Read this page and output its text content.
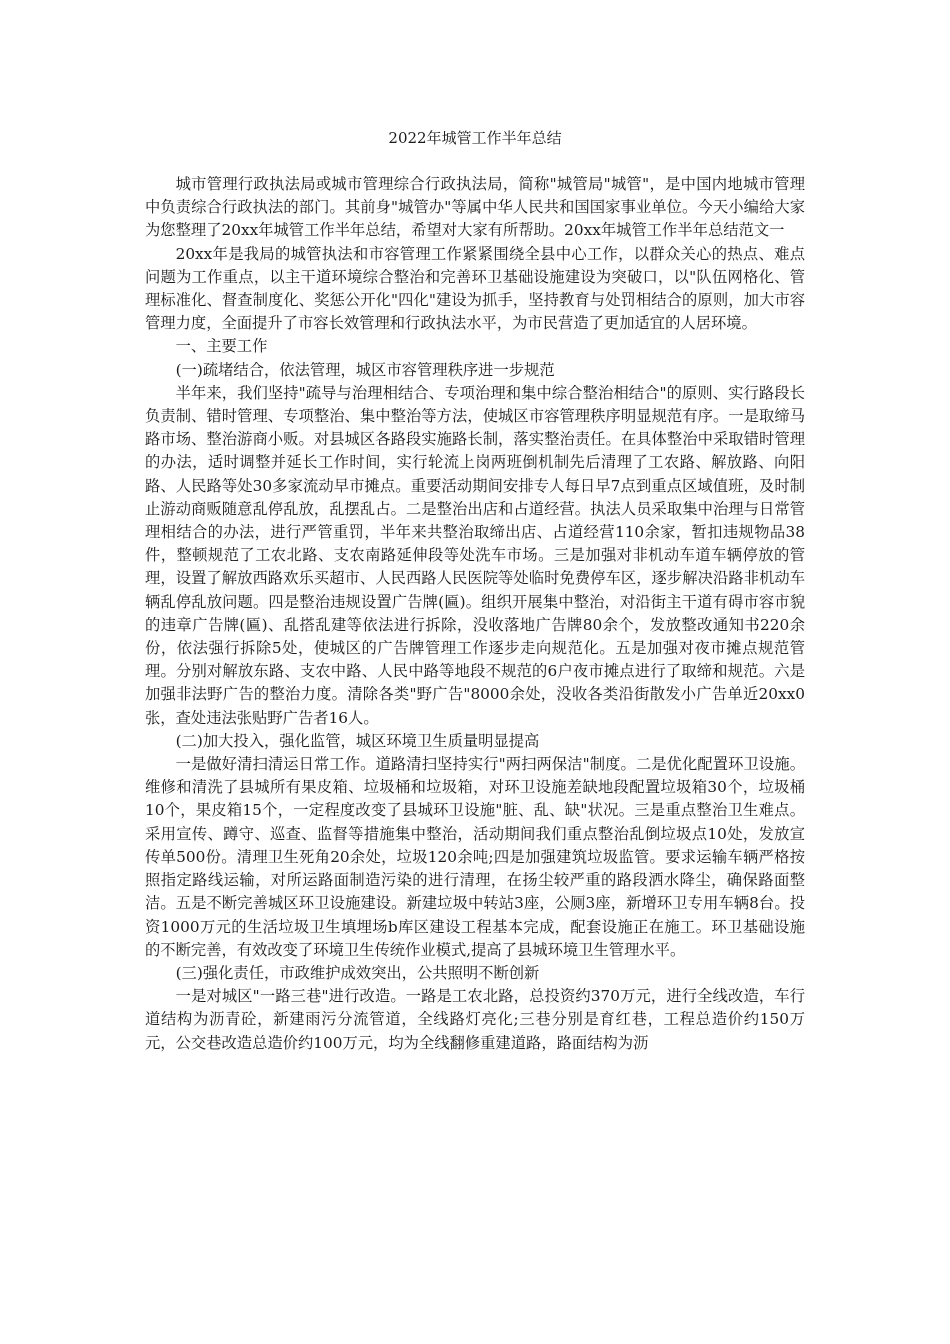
2022年城管工作半年总结

城市管理行政执法局或城市管理综合行政执法局，简称"城管局"城管"，是中国内地城市管理中负责综合行政执法的部门。其前身"城管办"等属中华人民共和国国家事业单位。今天小编给大家为您整理了20xx年城管工作半年总结，希望对大家有所帮助。20xx年城管工作半年总结范文一

20xx年是我局的城管执法和市容管理工作紧紧围绕全县中心工作，以群众关心的热点、难点问题为工作重点，以主干道环境综合整治和完善环卫基础设施建设为突破口，以"队伍网格化、管理标准化、督查制度化、奖惩公开化"四化"建设为抓手，坚持教育与处罚相结合的原则，加大市容管理力度，全面提升了市容长效管理和行政执法水平，为市民营造了更加适宜的人居环境。

一、主要工作

(一)疏堵结合，依法管理，城区市容管理秩序进一步规范

半年来，我们坚持"疏导与治理相结合、专项治理和集中综合整治相结合"的原则、实行路段长负责制、错时管理、专项整治、集中整治等方法，使城区市容管理秩序明显规范有序。一是取缔马路市场、整治游商小贩。对县城区各路段实施路长制，落实整治责任。在具体整治中采取错时管理的办法，适时调整并延长工作时间，实行轮流上岗两班倒机制先后清理了工农路、解放路、向阳路、人民路等处30多家流动早市摊点。重要活动期间安排专人每日早7点到重点区域值班，及时制止游动商贩随意乱停乱放，乱摆乱占。二是整治出店和占道经营。执法人员采取集中治理与日常管理相结合的办法，进行严管重罚，半年来共整治取缔出店、占道经营110余家，暂扣违规物品38件，整顿规范了工农北路、支农南路延伸段等处洗车市场。三是加强对非机动车道车辆停放的管理，设置了解放西路欢乐买超市、人民西路人民医院等处临时免费停车区，逐步解决沿路非机动车辆乱停乱放问题。四是整治违规设置广告牌(匾)。组织开展集中整治，对沿街主干道有碍市容市貌的违章广告牌(匾)、乱搭乱建等依法进行拆除，没收落地广告牌80余个，发放整改通知书220余份，依法强行拆除5处，使城区的广告牌管理工作逐步走向规范化。五是加强对夜市摊点规范管理。分别对解放东路、支农中路、人民中路等地段不规范的6户夜市摊点进行了取缔和规范。六是加强非法野广告的整治力度。清除各类"野广告"8000余处，没收各类沿街散发小广告单近20xx0张，查处违法张贴野广告者16人。

(二)加大投入，强化监管，城区环境卫生质量明显提高

一是做好清扫清运日常工作。道路清扫坚持实行"两扫两保洁"制度。二是优化配置环卫设施。维修和清洗了县城所有果皮箱、垃圾桶和垃圾箱，对环卫设施差缺地段配置垃圾箱30个，垃圾桶10个，果皮箱15个，一定程度改变了县城环卫设施"脏、乱、缺"状况。三是重点整治卫生难点。采用宣传、蹲守、巡查、监督等措施集中整治，活动期间我们重点整治乱倒垃圾点10处，发放宣传单500份。清理卫生死角20余处，垃圾120余吨;四是加强建筑垃圾监管。要求运输车辆严格按照指定路线运输，对所运路面制造污染的进行清理，在扬尘较严重的路段洒水降尘，确保路面整洁。五是不断完善城区环卫设施建设。新建垃圾中转站3座，公厕3座，新增环卫专用车辆8台。投资1000万元的生活垃圾卫生填埋场b库区建设工程基本完成，配套设施正在施工。环卫基础设施的不断完善，有效改变了环境卫生传统作业模式,提高了县城环境卫生管理水平。

(三)强化责任，市政维护成效突出，公共照明不断创新

一是对城区"一路三巷"进行改造。一路是工农北路，总投资约370万元，进行全线改造，车行道结构为沥青砼，新建雨污分流管道，全线路灯亮化;三巷分别是育红巷，工程总造价约150万元，公交巷改造总造价约100万元，均为全线翻修重建道路，路面结构为沥
